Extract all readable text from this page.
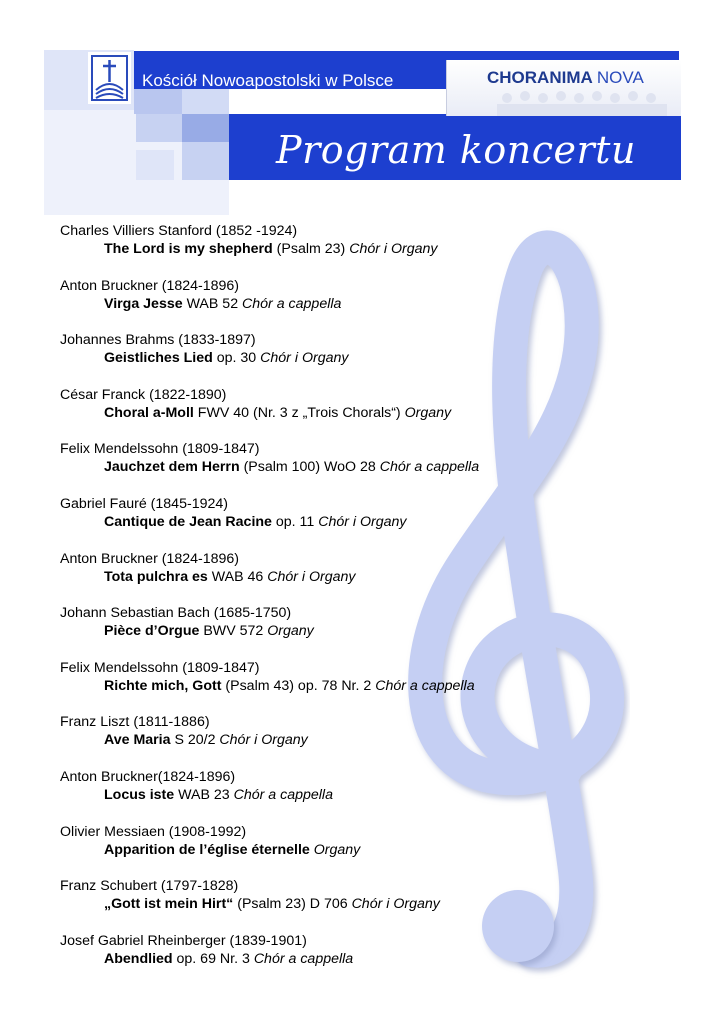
Kościół Nowoapostolski w Polsce	CHORANIMA NOVA
Program koncertu
Charles Villiers Stanford (1852 -1924)
The Lord is my shepherd (Psalm 23) Chór i Organy
Anton Bruckner (1824-1896)
Virga Jesse WAB 52 Chór a cappella
Johannes Brahms (1833-1897)
Geistliches Lied op. 30 Chór i Organy
César Franck (1822-1890)
Choral a-Moll FWV 40 (Nr. 3 z „Trois Chorals“) Organy
Felix Mendelssohn (1809-1847)
Jauchzet dem Herrn (Psalm 100) WoO 28 Chór a cappella
Gabriel Fauré (1845-1924)
Cantique de Jean Racine op. 11 Chór i Organy
Anton Bruckner (1824-1896)
Tota pulchra es WAB 46 Chór i Organy
Johann Sebastian Bach (1685-1750)
Pièce d’Orgue BWV 572 Organy
Felix Mendelssohn (1809-1847)
Richte mich, Gott (Psalm 43) op. 78 Nr. 2 Chór a cappella
Franz Liszt (1811-1886)
Ave Maria S 20/2 Chór i Organy
Anton Bruckner(1824-1896)
Locus iste WAB 23 Chór a cappella
Olivier Messiaen (1908-1992)
Apparition de l’église éternelle Organy
Franz Schubert (1797-1828)
„Gott ist mein Hirt“ (Psalm 23) D 706 Chór i Organy
Josef Gabriel Rheinberger (1839-1901)
Abendlied op. 69 Nr. 3 Chór a cappella
